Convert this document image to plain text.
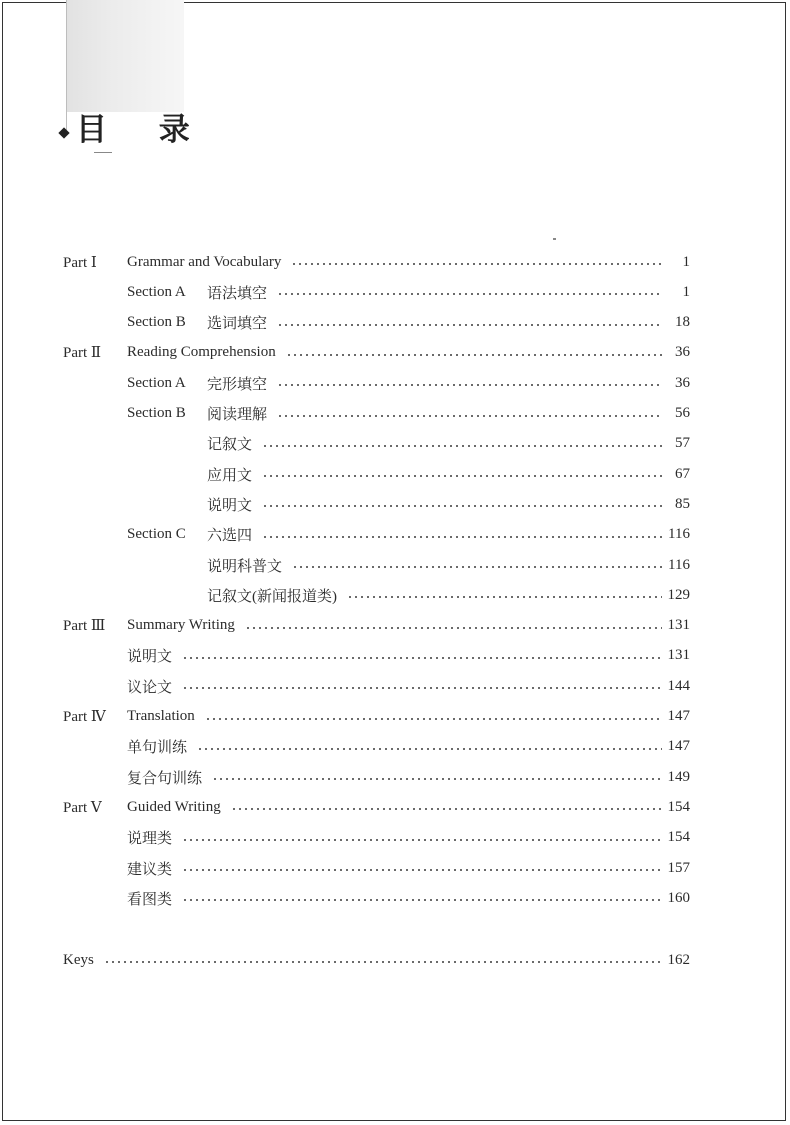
目 录
Part Ⅰ	Grammar and Vocabulary	1
Section A	语法填空	1
Section B	选词填空	18
Part Ⅱ	Reading Comprehension	36
Section A	完形填空	36
Section B	阅读理解	56
记叙文	57
应用文	67
说明文	85
Section C	六选四	116
说明科普文	116
记叙文(新闻报道类)	129
Part Ⅲ	Summary Writing	131
说明文	131
议论文	144
Part Ⅳ	Translation	147
单句训练	147
复合句训练	149
Part Ⅴ	Guided Writing	154
说理类	154
建议类	157
看图类	160
Keys	162
